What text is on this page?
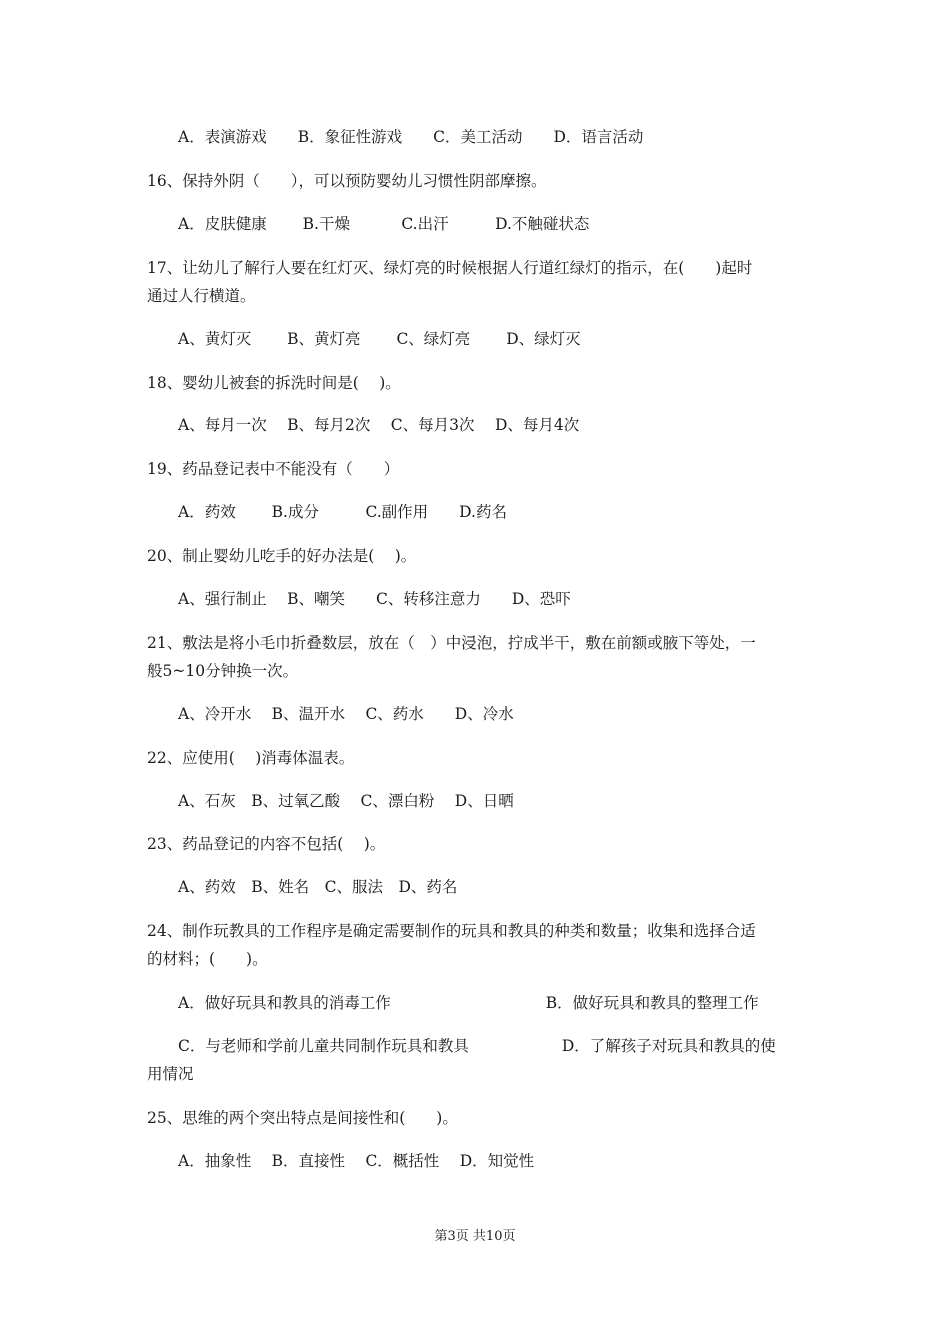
A．表演游戏　　B．象征性游戏　　C．美工活动　　D．语言活动
16、保持外阴（　　），可以预防婴幼儿习惯性阴部摩擦。
A．皮肤健康　　 B.干燥　　　 C.出汗　　　D.不触碰状态
17、让幼儿了解行人要在红灯灭、绿灯亮的时候根据人行道红绿灯的指示，在(　　)起时
通过人行横道。
A、黄灯灭　　 B、黄灯亮　　 C、绿灯亮　　 D、绿灯灭
18、婴幼儿被套的拆洗时间是(　 )。
A、每月一次　 B、每月2次　 C、每月3次　 D、每月4次
19、药品登记表中不能没有（　　）
A．药效　　 B.成分　　　C.副作用　　D.药名
20、制止婴幼儿吃手的好办法是(　 )。
A、强行制止　 B、嘲笑　　C、转移注意力　　D、恐吓
21、敷法是将小毛巾折叠数层，放在（　）中浸泡，拧成半干，敷在前额或腋下等处，一
般5~10分钟换一次。
A、冷开水　 B、温开水　 C、药水　　D、冷水
22、应使用(　 )消毒体温表。
A、石灰　B、过氧乙酸　 C、漂白粉　 D、日晒
23、药品登记的内容不包括(　 )。
A、药效　B、姓名　C、服法　D、药名
24、制作玩教具的工作程序是确定需要制作的玩具和教具的种类和数量；收集和选择合适
的材料；(　　)。
A．做好玩具和教具的消毒工作　　　　　　　　　　B．做好玩具和教具的整理工作
C．与老师和学前儿童共同制作玩具和教具　　　　　　D．了解孩子对玩具和教具的使
用情况
25、思维的两个突出特点是间接性和(　　)。
A．抽象性　 B．直接性　 C．概括性　 D．知觉性
第3页 共10页
